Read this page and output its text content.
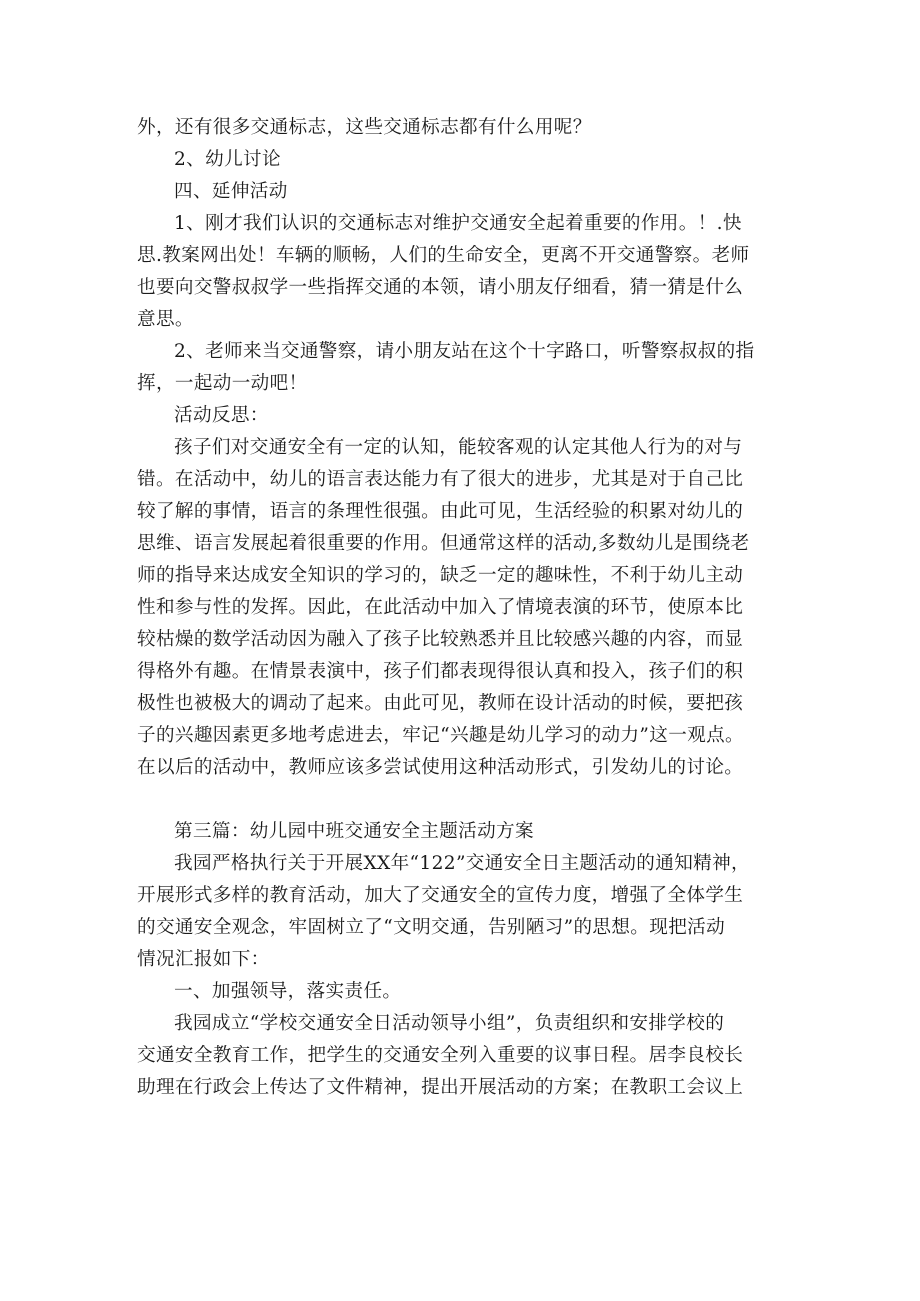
外，还有很多交通标志，这些交通标志都有什么用呢？
2、幼儿讨论
四、延伸活动
1、刚才我们认识的交通标志对维护交通安全起着重要的作用。！.快
思.教案网出处！车辆的顺畅，人们的生命安全，更离不开交通警察。老师
也要向交警叔叔学一些指挥交通的本领，请小朋友仔细看，猜一猜是什么
意思。
2、老师来当交通警察，请小朋友站在这个十字路口，听警察叔叔的指
挥，一起动一动吧！
活动反思：
孩子们对交通安全有一定的认知，能较客观的认定其他人行为的对与
错。在活动中，幼儿的语言表达能力有了很大的进步，尤其是对于自己比
较了解的事情，语言的条理性很强。由此可见，生活经验的积累对幼儿的
思维、语言发展起着很重要的作用。但通常这样的活动,多数幼儿是围绕老
师的指导来达成安全知识的学习的，缺乏一定的趣味性，不利于幼儿主动
性和参与性的发挥。因此，在此活动中加入了情境表演的环节，使原本比
较枯燥的数学活动因为融入了孩子比较熟悉并且比较感兴趣的内容，而显
得格外有趣。在情景表演中，孩子们都表现得很认真和投入，孩子们的积
极性也被极大的调动了起来。由此可见，教师在设计活动的时候，要把孩
子的兴趣因素更多地考虑进去，牢记“兴趣是幼儿学习的动力”这一观点。
在以后的活动中，教师应该多尝试使用这种活动形式，引发幼儿的讨论。
第三篇：幼儿园中班交通安全主题活动方案
我园严格执行关于开展XX年“122”交通安全日主题活动的通知精神，
开展形式多样的教育活动，加大了交通安全的宣传力度，增强了全体学生
的交通安全观念，牢固树立了“文明交通，告别陋习”的思想。现把活动
情况汇报如下：
一、加强领导，落实责任。
我园成立“学校交通安全日活动领导小组”，负责组织和安排学校的
交通安全教育工作，把学生的交通安全列入重要的议事日程。居李良校长
助理在行政会上传达了文件精神，提出开展活动的方案；在教职工会议上
